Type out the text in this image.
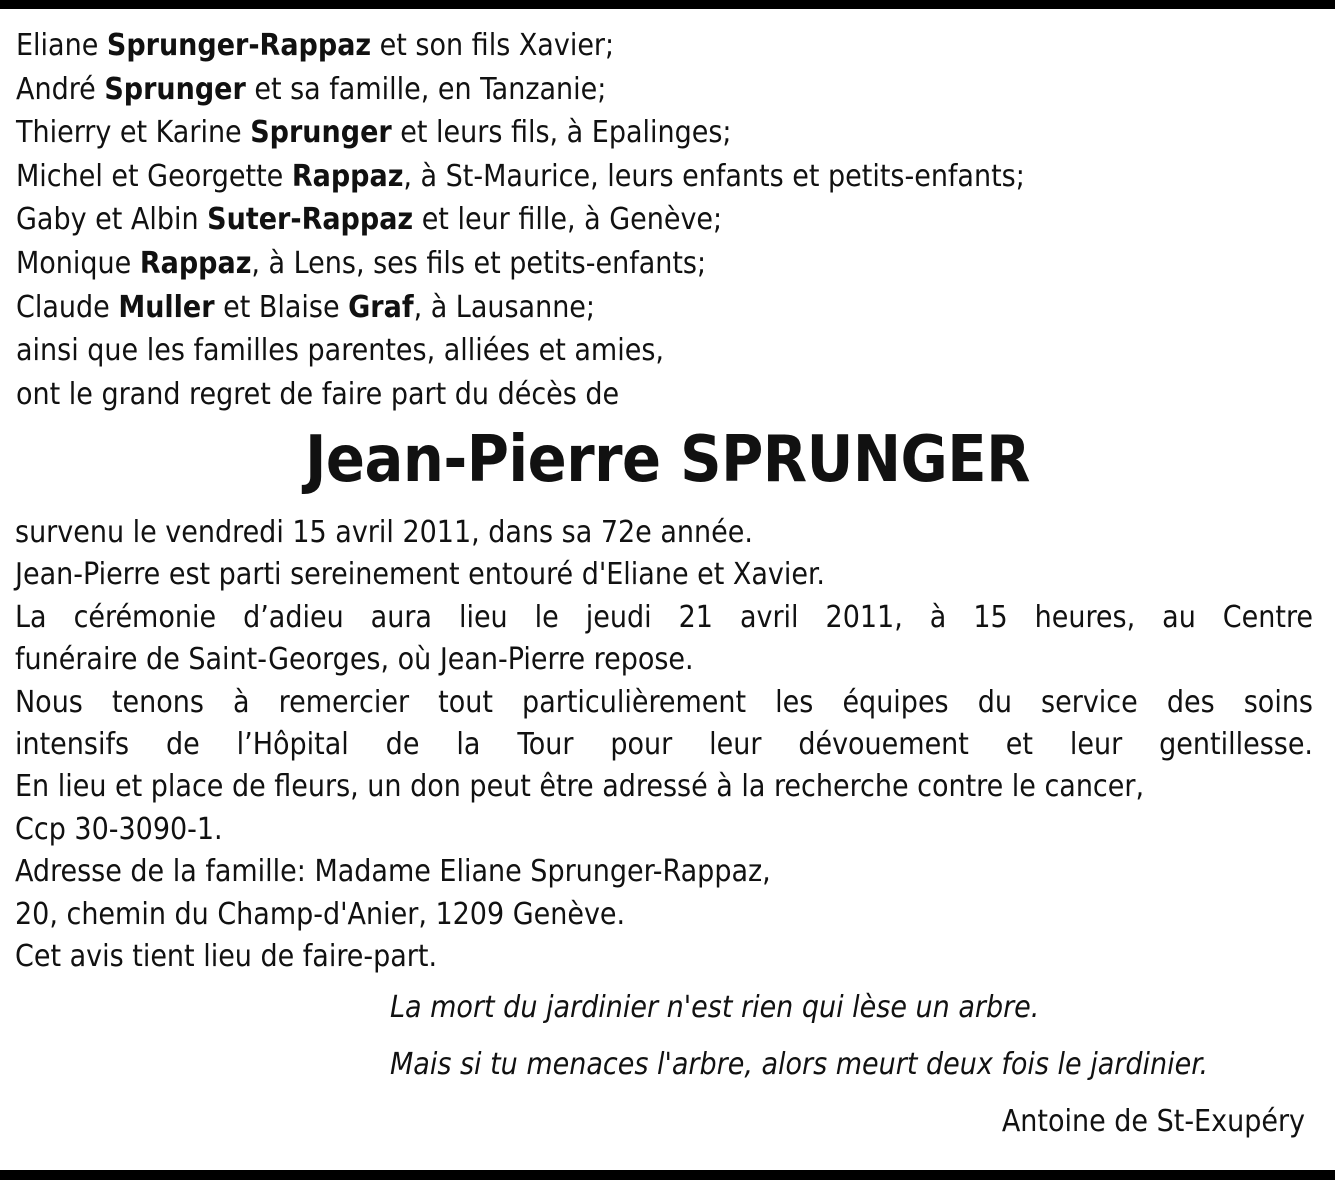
Eliane Sprunger-Rappaz et son fils Xavier;
André Sprunger et sa famille, en Tanzanie;
Thierry et Karine Sprunger et leurs fils, à Epalinges;
Michel et Georgette Rappaz, à St-Maurice, leurs enfants et petits-enfants;
Gaby et Albin Suter-Rappaz et leur fille, à Genève;
Monique Rappaz, à Lens, ses fils et petits-enfants;
Claude Muller et Blaise Graf, à Lausanne;
ainsi que les familles parentes, alliées et amies,
ont le grand regret de faire part du décès de
Jean-Pierre SPRUNGER
survenu le vendredi 15 avril 2011, dans sa 72e année.
Jean-Pierre est parti sereinement entouré d'Eliane et Xavier.
La cérémonie d’adieu aura lieu le jeudi 21 avril 2011, à 15 heures, au Centre
funéraire de Saint-Georges, où Jean-Pierre repose.
Nous tenons à remercier tout particulièrement les équipes du service des soins
intensifs de l’Hôpital de la Tour pour leur dévouement et leur gentillesse.
En lieu et place de fleurs, un don peut être adressé à la recherche contre le cancer,
Ccp 30-3090-1.
Adresse de la famille: Madame Eliane Sprunger-Rappaz,
20, chemin du Champ-d'Anier, 1209 Genève.
Cet avis tient lieu de faire-part.
La mort du jardinier n'est rien qui lèse un arbre.
Mais si tu menaces l'arbre, alors meurt deux fois le jardinier.
Antoine de St-Exupéry
